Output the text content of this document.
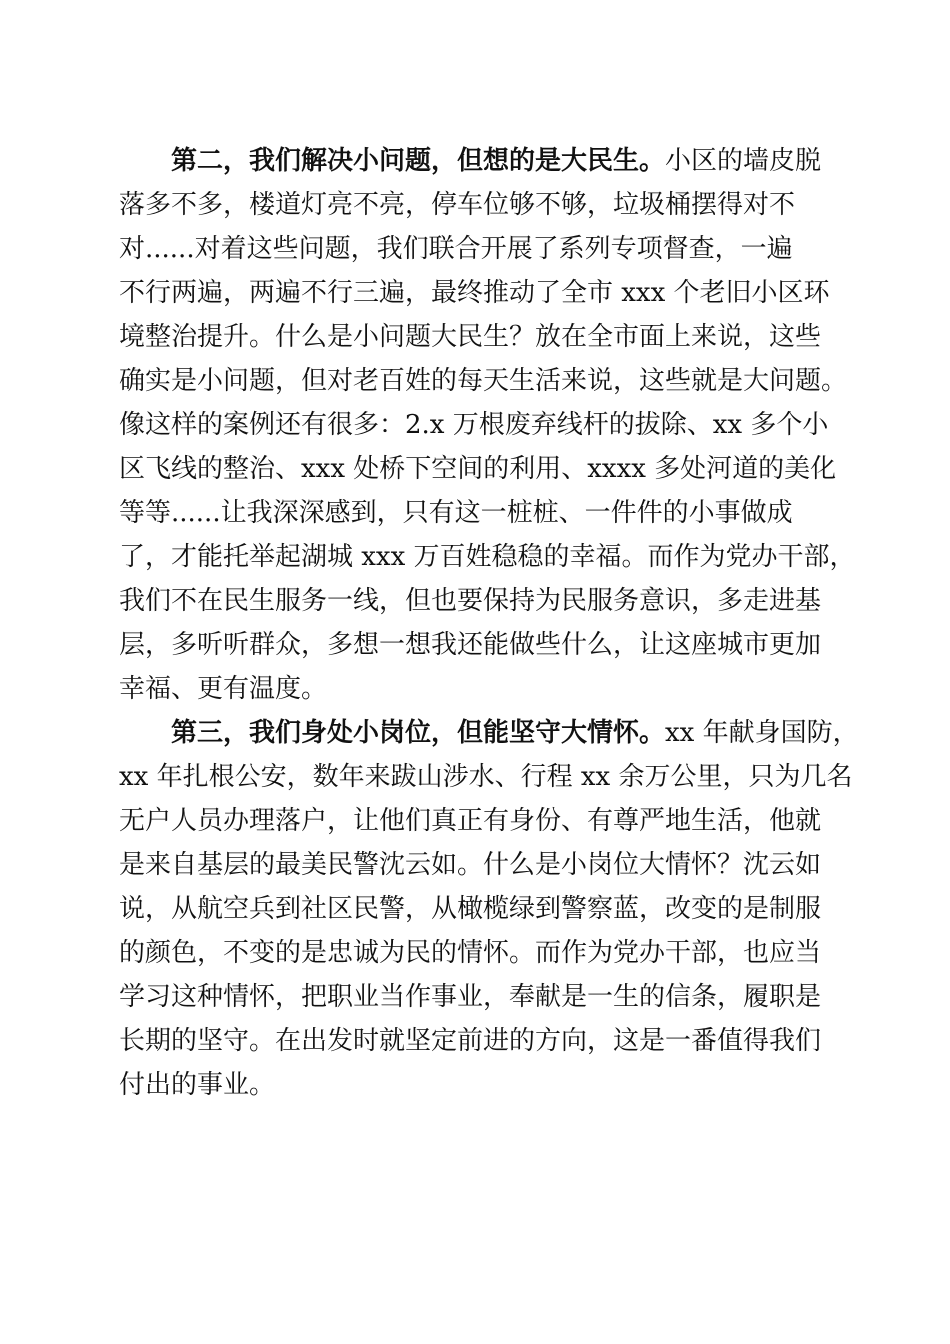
第二，我们解决小问题，但想的是大民生。小区的墙皮脱
落多不多，楼道灯亮不亮，停车位够不够，垃圾桶摆得对不
对......对着这些问题，我们联合开展了系列专项督查，一遍
不行两遍，两遍不行三遍，最终推动了全市 xxx 个老旧小区环
境整治提升。什么是小问题大民生？放在全市面上来说，这些
确实是小问题，但对老百姓的每天生活来说，这些就是大问题。
像这样的案例还有很多：2.x 万根废弃线杆的拔除、xx 多个小
区飞线的整治、xxx 处桥下空间的利用、xxxx 多处河道的美化
等等......让我深深感到，只有这一桩桩、一件件的小事做成
了，才能托举起湖城 xxx 万百姓稳稳的幸福。而作为党办干部，
我们不在民生服务一线，但也要保持为民服务意识，多走进基
层，多听听群众，多想一想我还能做些什么，让这座城市更加
幸福、更有温度。
第三，我们身处小岗位，但能坚守大情怀。xx 年献身国防，
xx 年扎根公安，数年来跋山涉水、行程 xx 余万公里，只为几名
无户人员办理落户，让他们真正有身份、有尊严地生活，他就
是来自基层的最美民警沈云如。什么是小岗位大情怀？沈云如
说，从航空兵到社区民警，从橄榄绿到警察蓝，改变的是制服
的颜色，不变的是忠诚为民的情怀。而作为党办干部，也应当
学习这种情怀，把职业当作事业，奉献是一生的信条，履职是
长期的坚守。在出发时就坚定前进的方向，这是一番值得我们
付出的事业。
